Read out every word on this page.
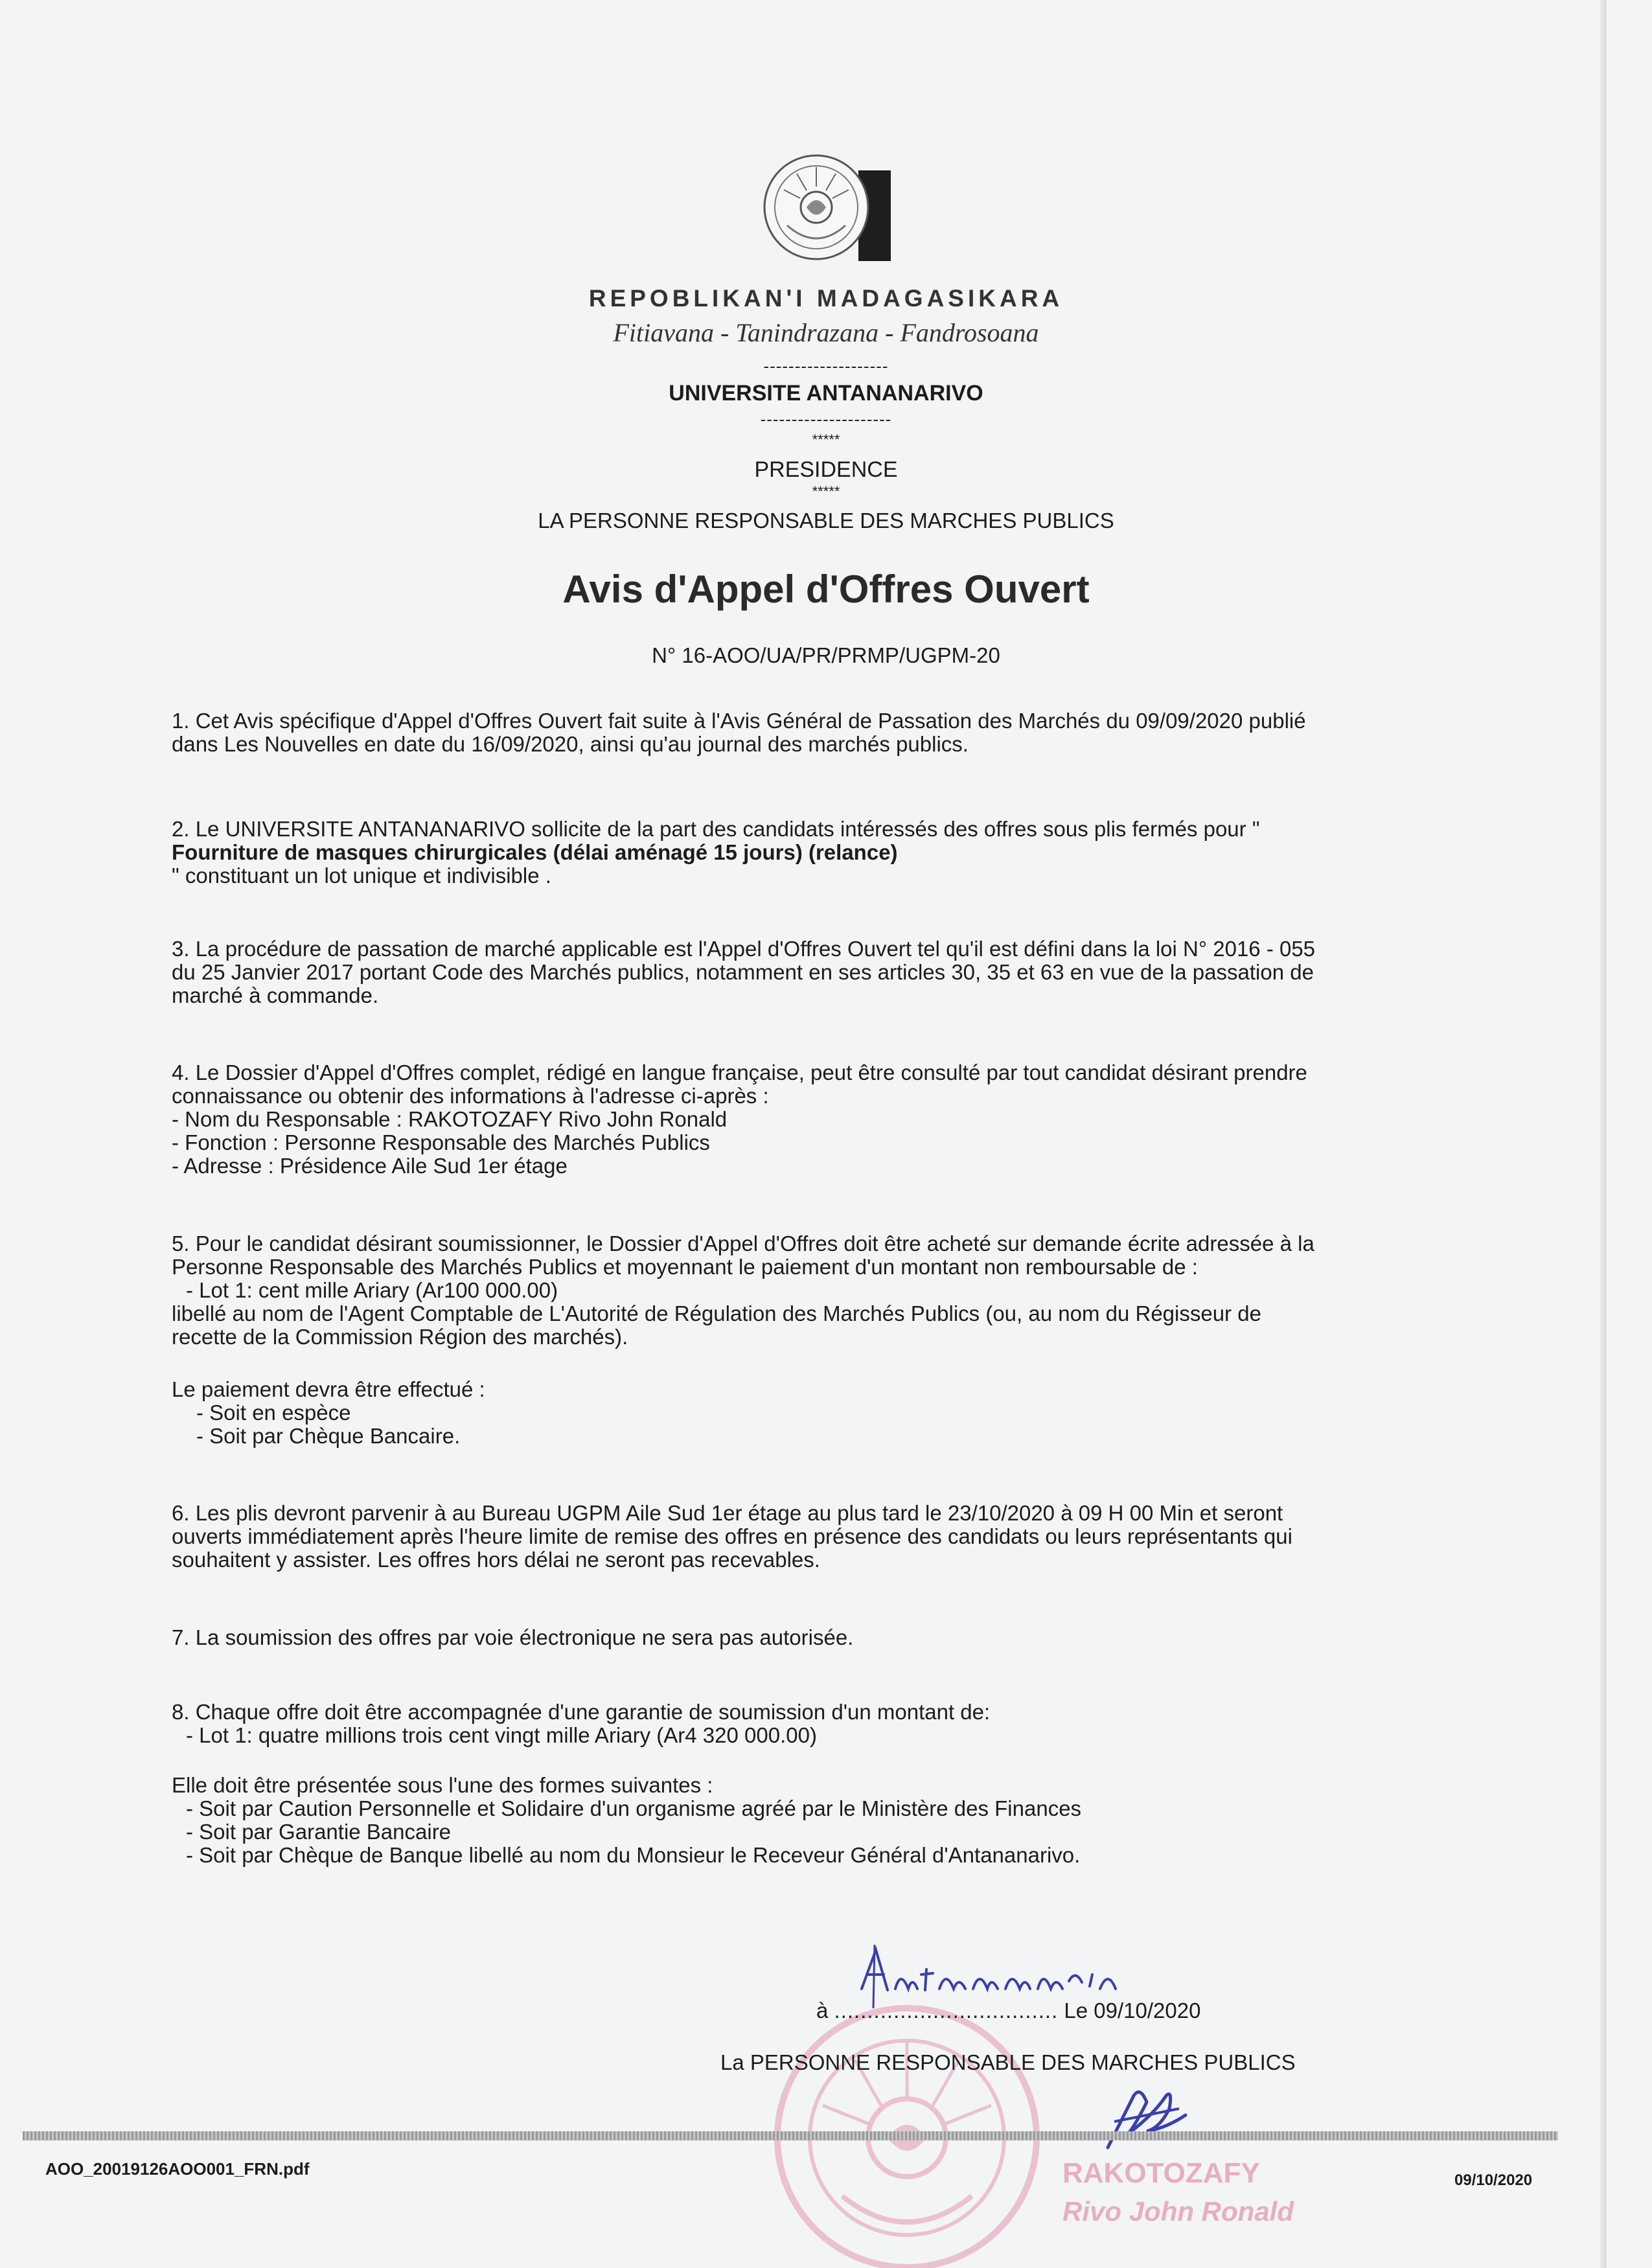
REPOBLIKAN'I MADAGASIKARA
Fitiavana - Tanindrazana - Fandrosoana
--------------------
UNIVERSITE ANTANANARIVO
---------------------
*****
PRESIDENCE
*****
LA PERSONNE RESPONSABLE DES MARCHES PUBLICS
Avis d'Appel d'Offres Ouvert
N° 16-AOO/UA/PR/PRMP/UGPM-20
1. Cet Avis spécifique d'Appel d'Offres Ouvert fait suite à l'Avis Général de Passation des Marchés du 09/09/2020 publié
dans Les Nouvelles en date du 16/09/2020, ainsi qu'au journal des marchés publics.
2. Le UNIVERSITE ANTANANARIVO sollicite de la part des candidats intéressés des offres sous plis fermés pour "
Fourniture de masques chirurgicales (délai aménagé 15 jours) (relance)
" constituant un lot unique et indivisible .
3. La procédure de passation de marché applicable est l'Appel d'Offres Ouvert tel qu'il est défini dans la loi N° 2016 - 055
du 25 Janvier 2017 portant Code des Marchés publics, notamment en ses articles 30, 35 et 63 en vue de la passation de
marché à commande.
4. Le Dossier d'Appel d'Offres complet, rédigé en langue française, peut être consulté par tout candidat désirant prendre
connaissance ou obtenir des informations à l'adresse ci-après :
- Nom du Responsable : RAKOTOZAFY Rivo John Ronald
- Fonction : Personne Responsable des Marchés Publics
- Adresse : Présidence Aile Sud 1er étage
5. Pour le candidat désirant soumissionner, le Dossier d'Appel d'Offres doit être acheté sur demande écrite adressée à la
Personne Responsable des Marchés Publics et moyennant le paiement d'un montant non remboursable de :
- Lot 1: cent mille Ariary (Ar100 000.00)
libellé au nom de l'Agent Comptable de L'Autorité de Régulation des Marchés Publics (ou, au nom du Régisseur de
recette de la Commission Région des marchés).
Le paiement devra être effectué :
- Soit en espèce
- Soit par Chèque Bancaire.
6. Les plis devront parvenir à au Bureau UGPM Aile Sud 1er étage au plus tard le 23/10/2020 à 09 H 00 Min et seront
ouverts immédiatement après l'heure limite de remise des offres en présence des candidats ou leurs représentants qui
souhaitent y assister. Les offres hors délai ne seront pas recevables.
7. La soumission des offres par voie électronique ne sera pas autorisée.
8. Chaque offre doit être accompagnée d'une garantie de soumission d'un montant de:
- Lot 1: quatre millions trois cent vingt mille Ariary (Ar4 320 000.00)
Elle doit être présentée sous l'une des formes suivantes :
- Soit par Caution Personnelle et Solidaire d'un organisme agréé par le Ministère des Finances
- Soit par Garantie Bancaire
- Soit par Chèque de Banque libellé au nom du Monsieur le Receveur Général d'Antananarivo.
à .................................. Le 09/10/2020
La PERSONNE RESPONSABLE DES MARCHES PUBLICS
RAKOTOZAFY
Rivo John Ronald
AOO_20019126AOO001_FRN.pdf
09/10/2020
